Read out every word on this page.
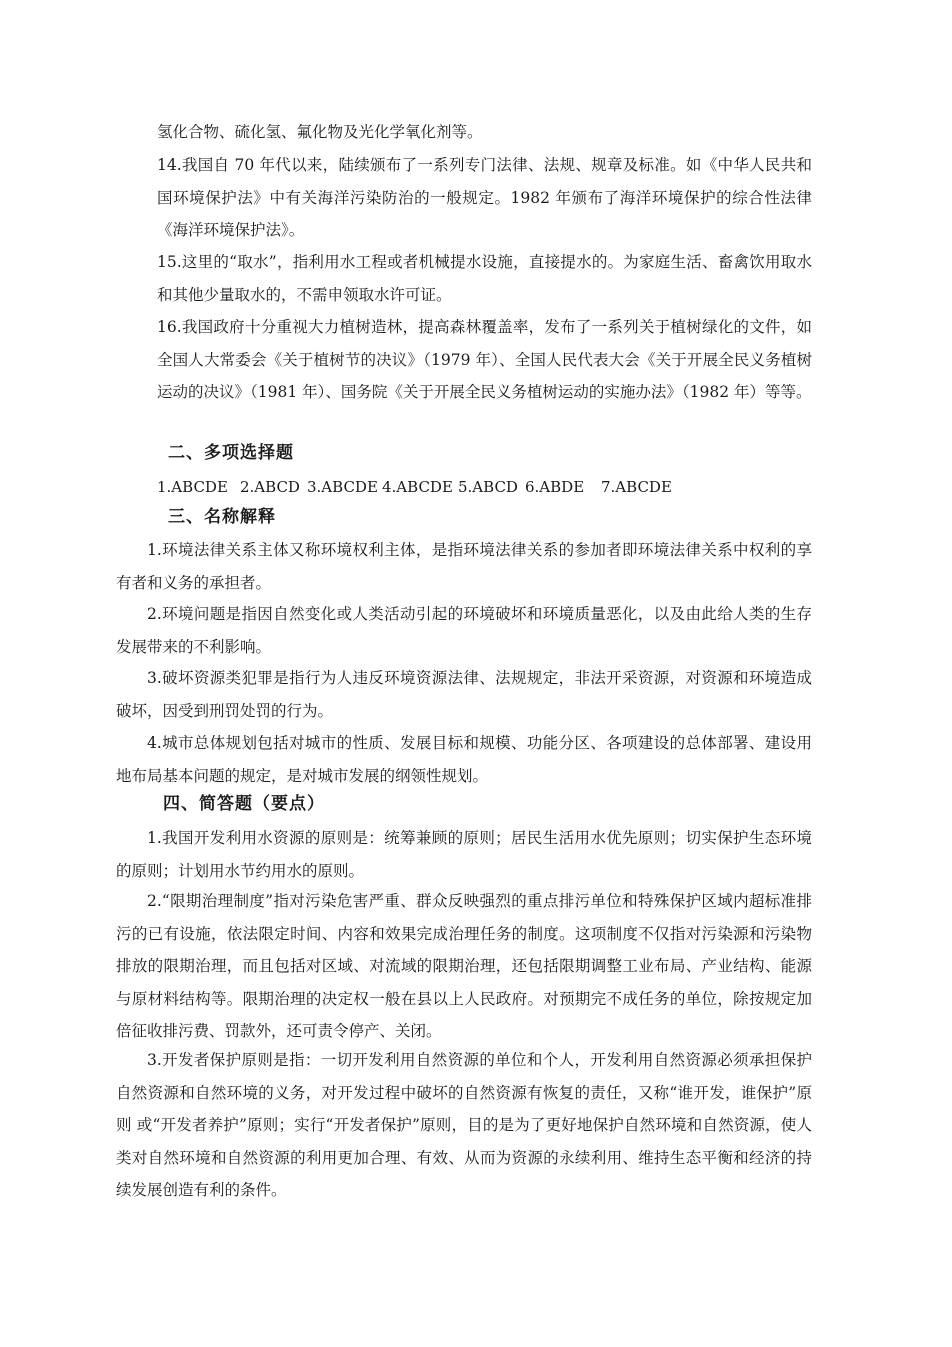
氢化合物、硫化氢、氟化物及光化学氧化剂等。

14.我国自 70 年代以来，陆续颁布了一系列专门法律、法规、规章及标准。如《中华人民共和国环境保护法》中有关海洋污染防治的一般规定。1982 年颁布了海洋环境保护的综合性法律《海洋环境保护法》。

15.这里的“取水”，指利用水工程或者机械提水设施，直接提水的。为家庭生活、畜禽饮用取水和其他少量取水的，不需申领取水许可证。

16.我国政府十分重视大力植树造林，提高森林覆盖率，发布了一系列关于植树绿化的文件，如全国人大常委会《关于植树节的决议》（1979 年）、全国人民代表大会《关于开展全民义务植树运动的决议》（1981 年）、国务院《关于开展全民义务植树运动的实施办法》（1982 年）等等。

二、多项选择题

1.ABCDE 2.ABCD 3.ABCDE 4.ABCDE 5.ABCD 6.ABDE 7.ABCDE

三、名称解释

1.环境法律关系主体又称环境权利主体，是指环境法律关系的参加者即环境法律关系中权利的享有者和义务的承担者。

2.环境问题是指因自然变化或人类活动引起的环境破坏和环境质量恶化，以及由此给人类的生存发展带来的不利影响。

3.破坏资源类犯罪是指行为人违反环境资源法律、法规规定，非法开采资源，对资源和环境造成破坏，因受到刑罚处罚的行为。

4.城市总体规划包括对城市的性质、发展目标和规模、功能分区、各项建设的总体部署、建设用地布局基本问题的规定，是对城市发展的纲领性规划。

四、简答题（要点）

1.我国开发利用水资源的原则是：统筹兼顾的原则；居民生活用水优先原则；切实保护生态环境的原则；计划用水节约用水的原则。

2.“限期治理制度”指对污染危害严重、群众反映强烈的重点排污单位和特殊保护区域内超标准排污的已有设施，依法限定时间、内容和效果完成治理任务的制度。这项制度不仅指对污染源和污染物排放的限期治理，而且包括对区域、对流域的限期治理，还包括限期调整工业布局、产业结构、能源与原材料结构等。限期治理的决定权一般在县以上人民政府。对预期完不成任务的单位，除按规定加倍征收排污费、罚款外，还可责令停产、关闭。

3.开发者保护原则是指：一切开发利用自然资源的单位和个人，开发利用自然资源必须承担保护自然资源和自然环境的义务，对开发过程中破坏的自然资源有恢复的责任，又称“谁开发，谁保护”原则 或“开发者养护”原则；实行“开发者保护”原则，目的是为了更好地保护自然环境和自然资源，使人类对自然环境和自然资源的利用更加合理、有效、从而为资源的永续利用、维持生态平衡和经济的持续发展创造有利的条件。
